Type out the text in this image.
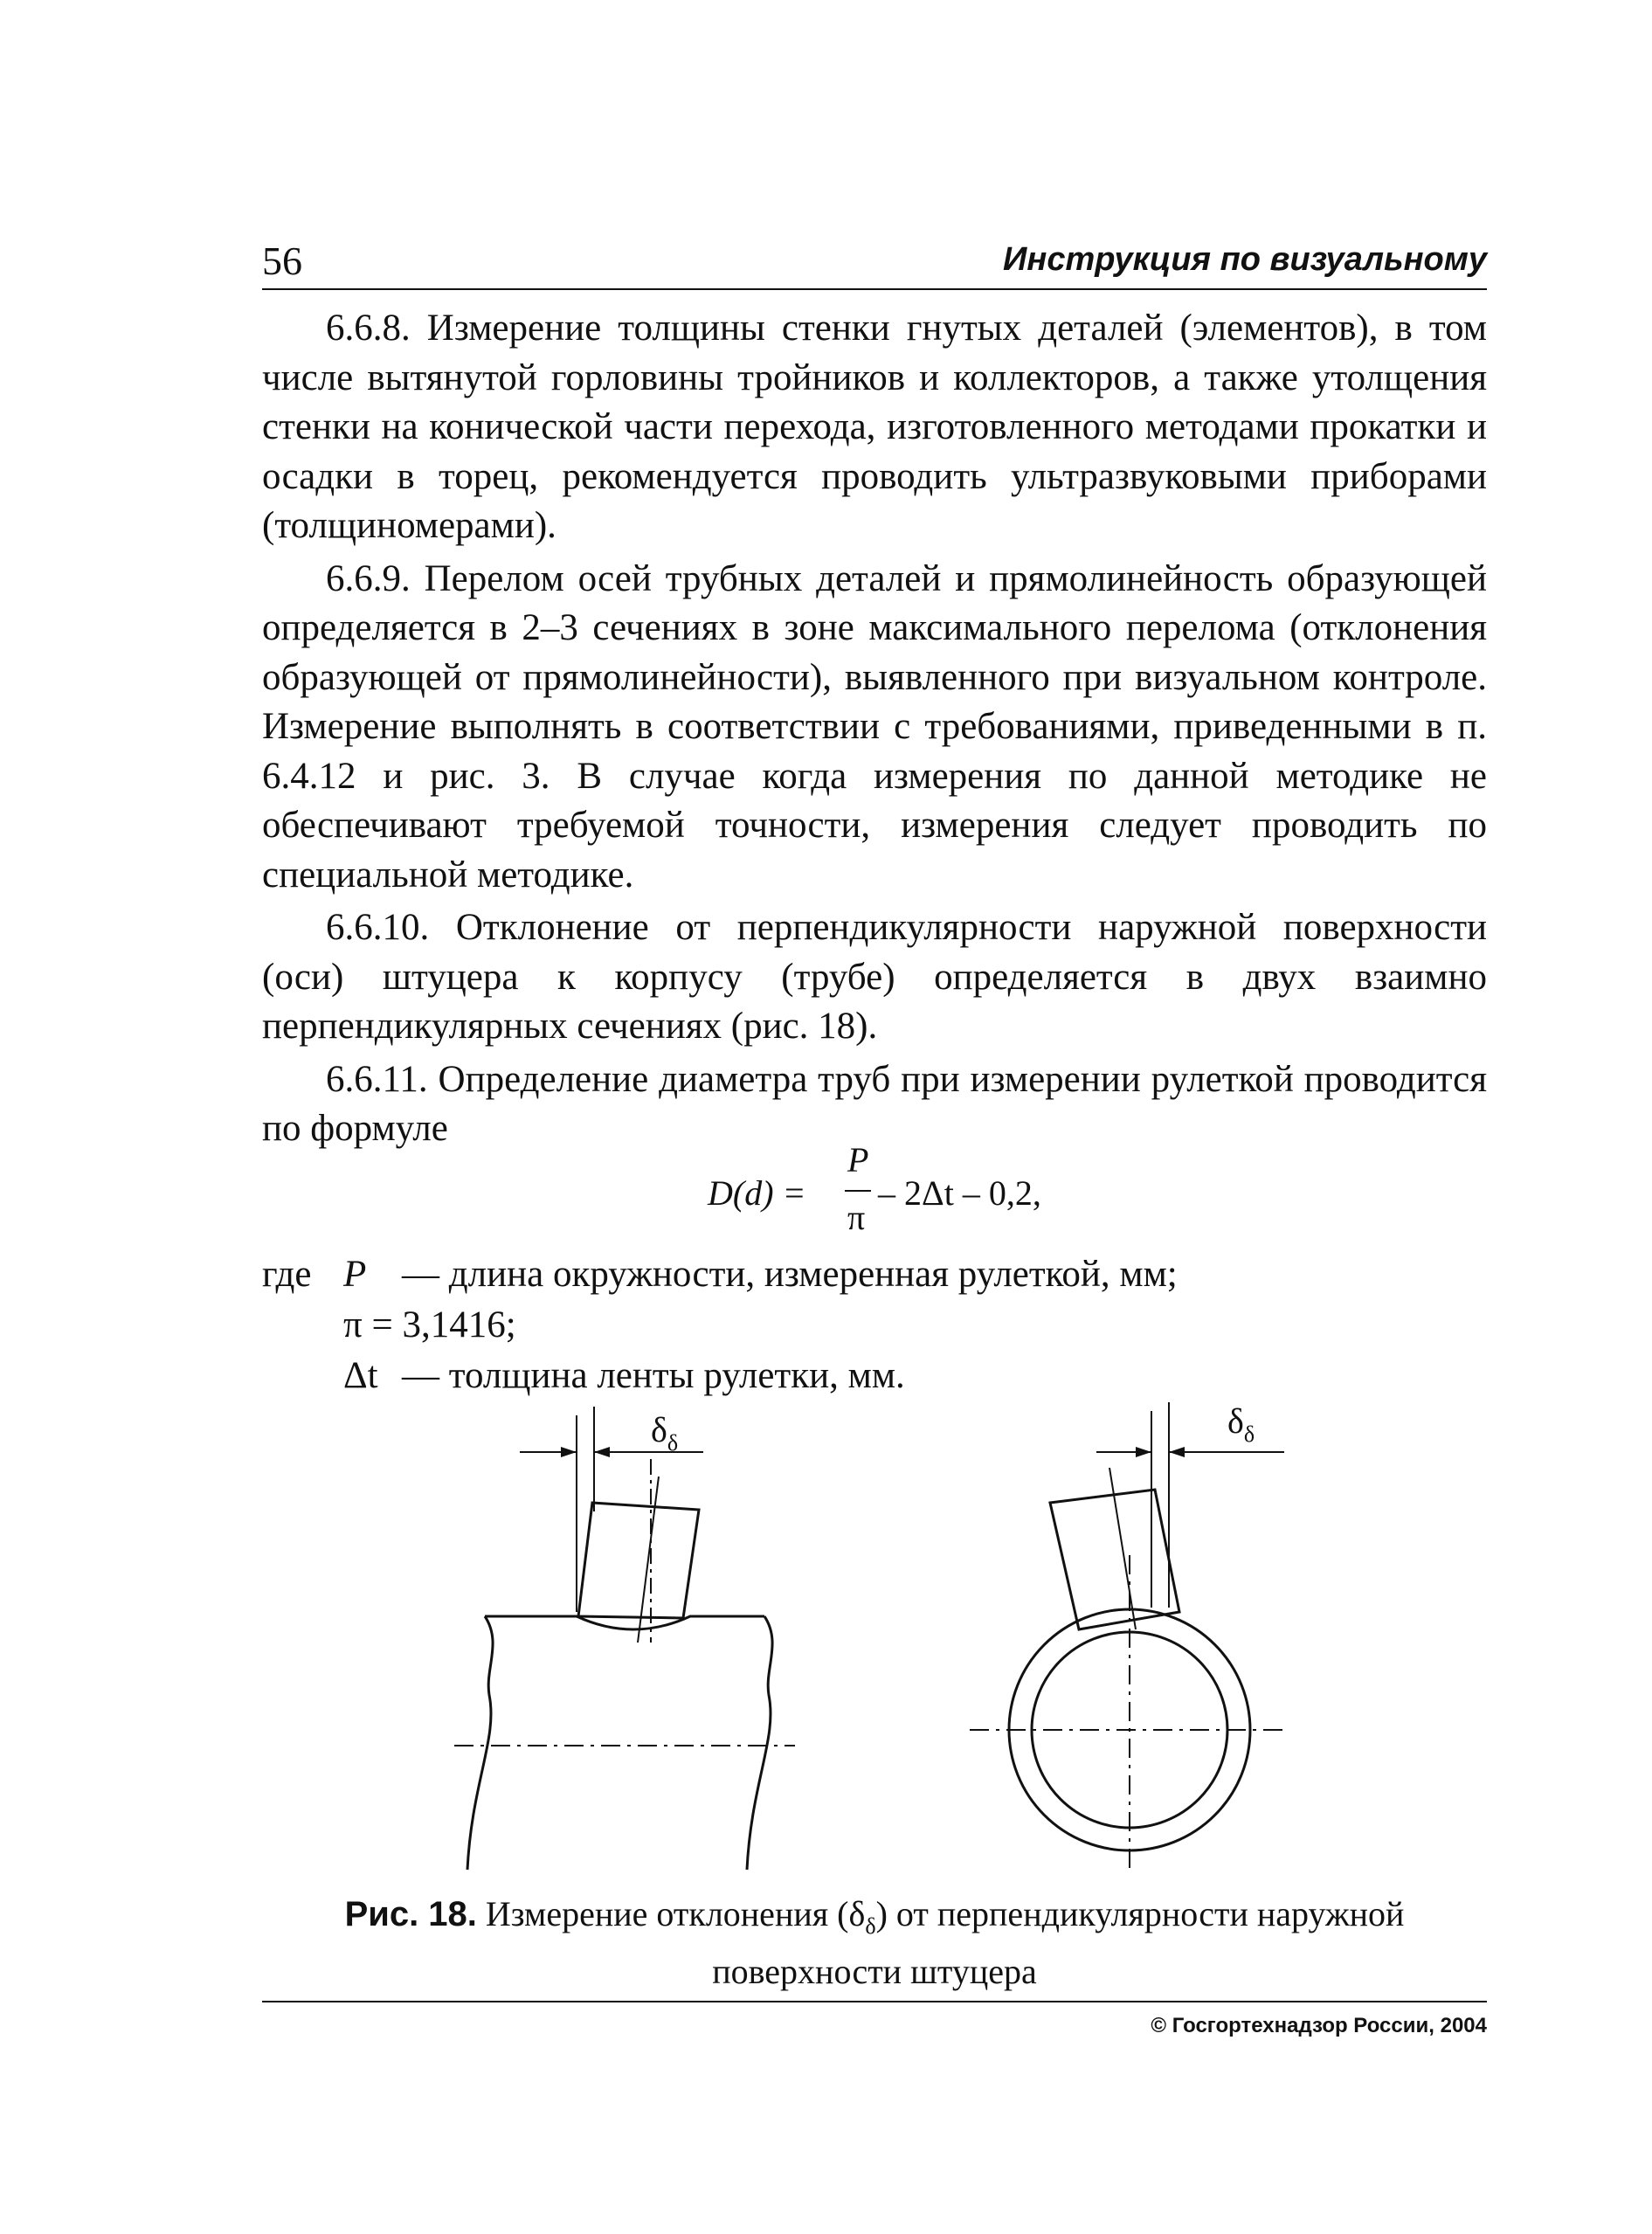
56	Инструкция по визуальному

6.6.8. Измерение толщины стенки гнутых деталей (элементов), в том числе вытянутой горловины тройников и коллекторов, а также утолщения стенки на конической части перехода, изготовленного методами прокатки и осадки в торец, рекомендуется проводить ультразвуковыми приборами (толщиномерами).

6.6.9. Перелом осей трубных деталей и прямолинейность образующей определяется в 2–3 сечениях в зоне максимального перелома (отклонения образующей от прямолинейности), выявленного при визуальном контроле. Измерение выполнять в соответствии с требованиями, приведенными в п. 6.4.12 и рис. 3. В случае когда измерения по данной методике не обеспечивают требуемой точности, измерения следует проводить по специальной методике.

6.6.10. Отклонение от перпендикулярности наружной поверхности (оси) штуцера к корпусу (трубе) определяется в двух взаимно перпендикулярных сечениях (рис. 18).

6.6.11. Определение диаметра труб при измерении рулеткой проводится по формуле

D(d) =
P
π
– 2Δt – 0,2,
где P — длина окружности, измеренная рулеткой, мм;
π = 3,1416;
Δt — толщина ленты рулетки, мм.
$\delta_\delta$
$\delta_\delta$
Рис. 18. Измерение отклонения $(\delta_\delta)$ от перпендикулярности наружной
поверхности штуцера
© Госгортехнадзор России, 2004
